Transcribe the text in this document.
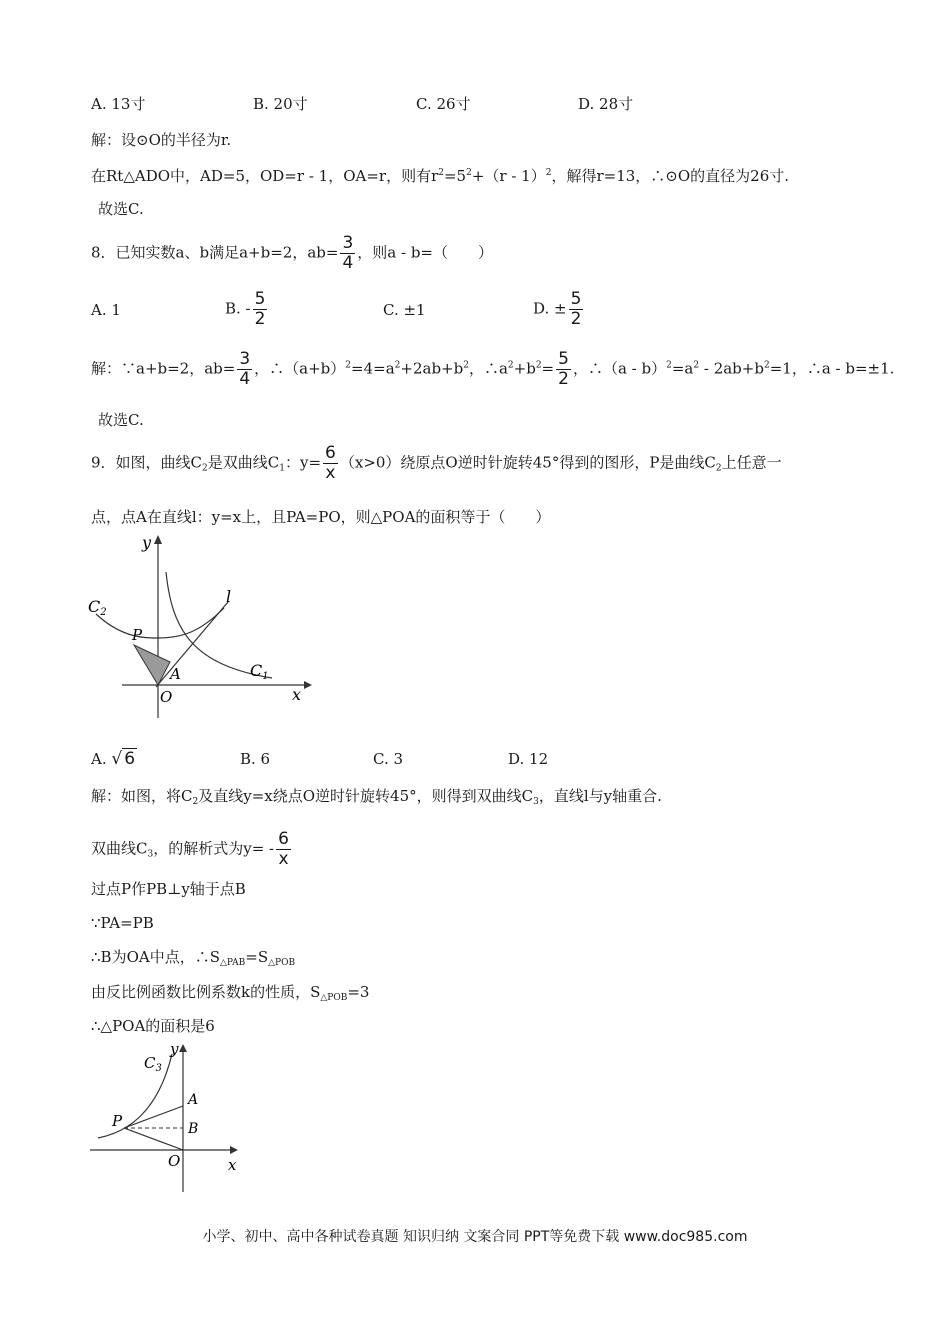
A. 13寸	B. 20寸	C. 26寸	D. 28寸
解：设⊙O的半径为r.
在Rt△ADO中，AD=5，OD=r - 1，OA=r，则有$r^2=5^2+(r - 1)^2$，解得r=13，∴⊙O的直径为26寸.
故选C.
8．已知实数a、b满足a+b=2，$ab= \frac{3}{4}$ ，则a - b=（　　）
A. 1	B. - $\frac{5}{2}$	C. ±1	D. ± $\frac{5}{2}$
解：∵a+b=2，$ab= \frac{3}{4}$ ，$\therefore(a+b)^2=4=a^2+2ab+b^2$，$\therefore a^2+b^2= \frac{5}{2}$ ，∴（a - $b)^2=a^2 - 2ab+b^2=1$，∴a - b=±1.
故选C.
9．如图，曲线$C_2$是双曲线$C_1$：$y= \frac{6}{x} (x>0)$绕原点O逆时针旋转45°得到的图形，P是曲线$C_2$上任意一
点，点A在直线l：y=x上，且PA=PO，则△POA的面积等于（　　）
y
x
C2
C1
l
P
A
O
A. √ 6	B. 6	C. 3	D. 12
解：如图，将$C_2$及直线y=x绕点O逆时针旋转45°，则得到双曲线$C_3$，直线l与y轴重合.
双曲线$C_3$，的解析式为$y= - \frac{6}{x}$
过点P作PB⊥y轴于点B
∵PA=PB
∴B为OA中点，$\therefore S_{\triangle PAB}=S_{\triangle POB}$
由反比例函数比例系数k的性质，$S_{\triangle POB}=3$
∴△POA的面积是6
$C_3$
y
A
P	B
O	x
小学、初中、高中各种试卷真题 知识归纳 文案合同 PPT等免费下载 www.doc985.com
